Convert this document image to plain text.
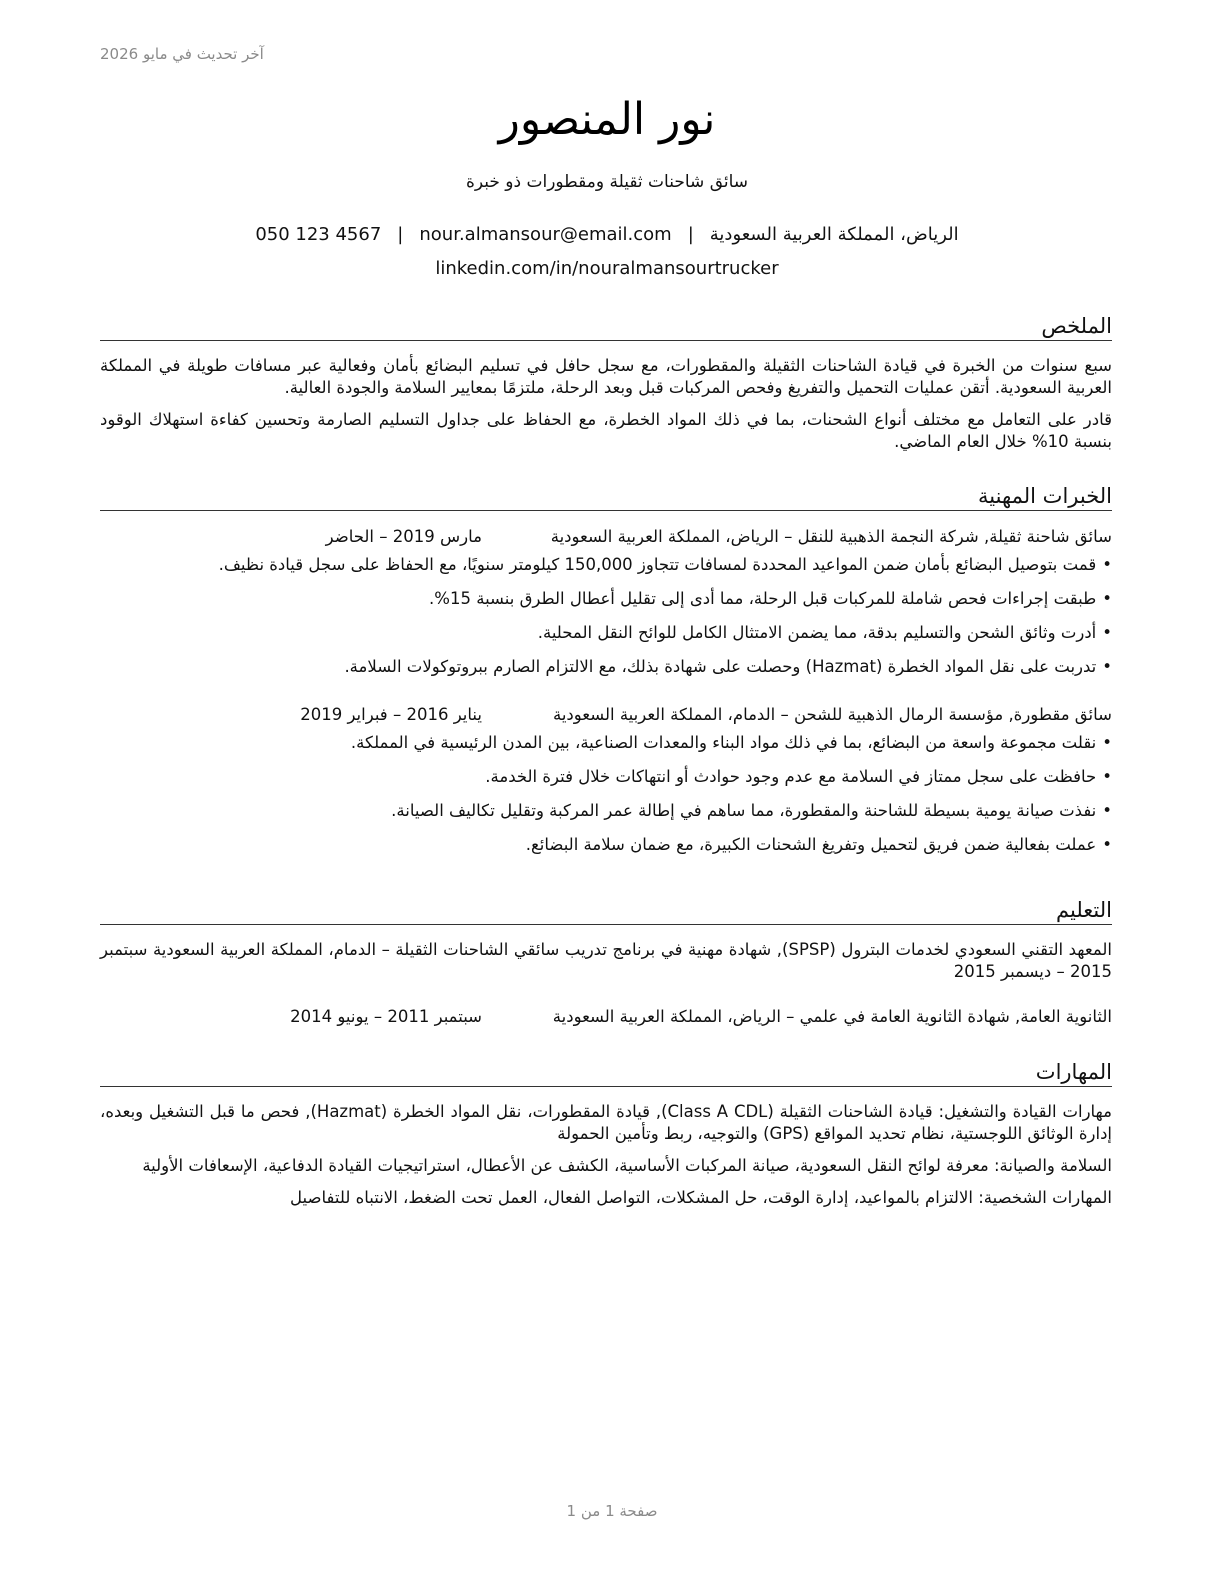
آخر تحديث في مايو 2026
نور المنصور
سائق شاحنات ثقيلة ومقطورات ذو خبرة
الرياض، المملكة العربية السعودية|nour.almansour@email.com|050 123 4567
linkedin.com/in/nouralmansourtrucker
الملخص

سبع سنوات من الخبرة في قيادة الشاحنات الثقيلة والمقطورات، مع سجل حافل في تسليم البضائع بأمان وفعالية عبر مسافات طويلة في المملكة العربية السعودية. أتقن عمليات التحميل والتفريغ وفحص المركبات قبل وبعد الرحلة، ملتزمًا بمعايير السلامة والجودة العالية.

قادر على التعامل مع مختلف أنواع الشحنات، بما في ذلك المواد الخطرة، مع الحفاظ على جداول التسليم الصارمة وتحسين كفاءة استهلاك الوقود بنسبة 10% خلال العام الماضي.

الخبرات المهنية
سائق شاحنة ثقيلة, شركة النجمة الذهبية للنقل – الرياض، المملكة العربية السعودية
مارس 2019 – الحاضر
•قمت بتوصيل البضائع بأمان ضمن المواعيد المحددة لمسافات تتجاوز 150,000 كيلومتر سنويًا، مع الحفاظ على سجل قيادة نظيف.
•طبقت إجراءات فحص شاملة للمركبات قبل الرحلة، مما أدى إلى تقليل أعطال الطرق بنسبة 15%.
•أدرت وثائق الشحن والتسليم بدقة، مما يضمن الامتثال الكامل للوائح النقل المحلية.
•تدربت على نقل المواد الخطرة (Hazmat) وحصلت على شهادة بذلك، مع الالتزام الصارم ببروتوكولات السلامة.
سائق مقطورة, مؤسسة الرمال الذهبية للشحن – الدمام، المملكة العربية السعودية
يناير 2016 – فبراير 2019
•نقلت مجموعة واسعة من البضائع، بما في ذلك مواد البناء والمعدات الصناعية، بين المدن الرئيسية في المملكة.
•حافظت على سجل ممتاز في السلامة مع عدم وجود حوادث أو انتهاكات خلال فترة الخدمة.
•نفذت صيانة يومية بسيطة للشاحنة والمقطورة، مما ساهم في إطالة عمر المركبة وتقليل تكاليف الصيانة.
•عملت بفعالية ضمن فريق لتحميل وتفريغ الشحنات الكبيرة، مع ضمان سلامة البضائع.
التعليم

المعهد التقني السعودي لخدمات البترول (SPSP), شهادة مهنية في برنامج تدريب سائقي الشاحنات الثقيلة – الدمام، المملكة العربية السعودية سبتمبر 2015 – ديسمبر 2015

الثانوية العامة, شهادة الثانوية العامة في علمي – الرياض، المملكة العربية السعودية
سبتمبر 2011 – يونيو 2014
المهارات

مهارات القيادة والتشغيل: قيادة الشاحنات الثقيلة (Class A CDL), قيادة المقطورات، نقل المواد الخطرة (Hazmat), فحص ما قبل التشغيل وبعده، إدارة الوثائق اللوجستية، نظام تحديد المواقع (GPS) والتوجيه، ربط وتأمين الحمولة

السلامة والصيانة: معرفة لوائح النقل السعودية، صيانة المركبات الأساسية، الكشف عن الأعطال، استراتيجيات القيادة الدفاعية، الإسعافات الأولية

المهارات الشخصية: الالتزام بالمواعيد، إدارة الوقت، حل المشكلات، التواصل الفعال، العمل تحت الضغط، الانتباه للتفاصيل

صفحة 1 من 1
